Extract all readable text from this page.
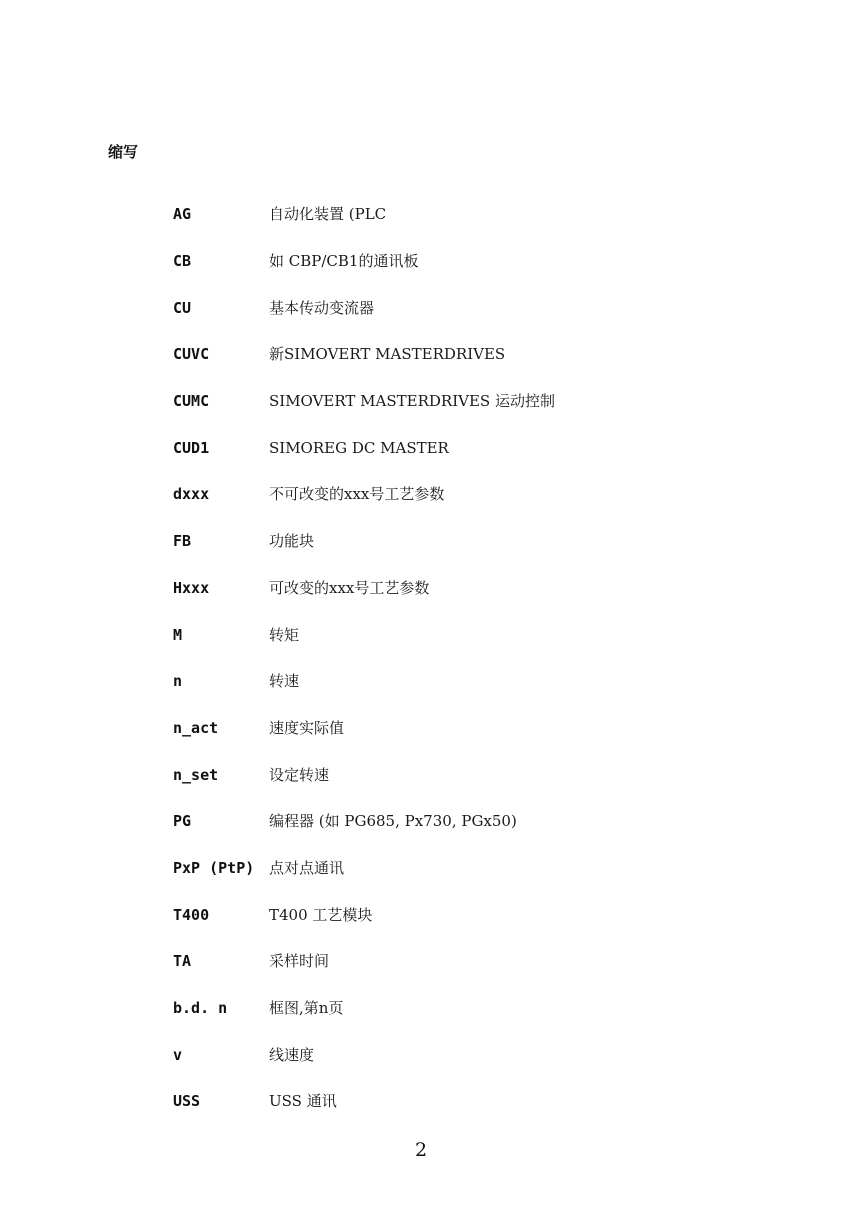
缩写
AG	自动化装置 (PLC
CB	如 CBP/CB1的通讯板
CU	基本传动变流器
CUVC	新SIMOVERT MASTERDRIVES
CUMC	SIMOVERT MASTERDRIVES 运动控制
CUD1	SIMOREG DC MASTER
dxxx	不可改变的xxx号工艺参数
FB	功能块
Hxxx	可改变的xxx号工艺参数
M	转矩
n	转速
n_act	速度实际值
n_set	设定转速
PG	编程器 (如 PG685, Px730, PGx50)
PxP (PtP) 点对点通讯
T400	T400 工艺模块
TA	采样时间
b.d. n	框图,第n页
v	线速度
USS	USS 通讯
2
